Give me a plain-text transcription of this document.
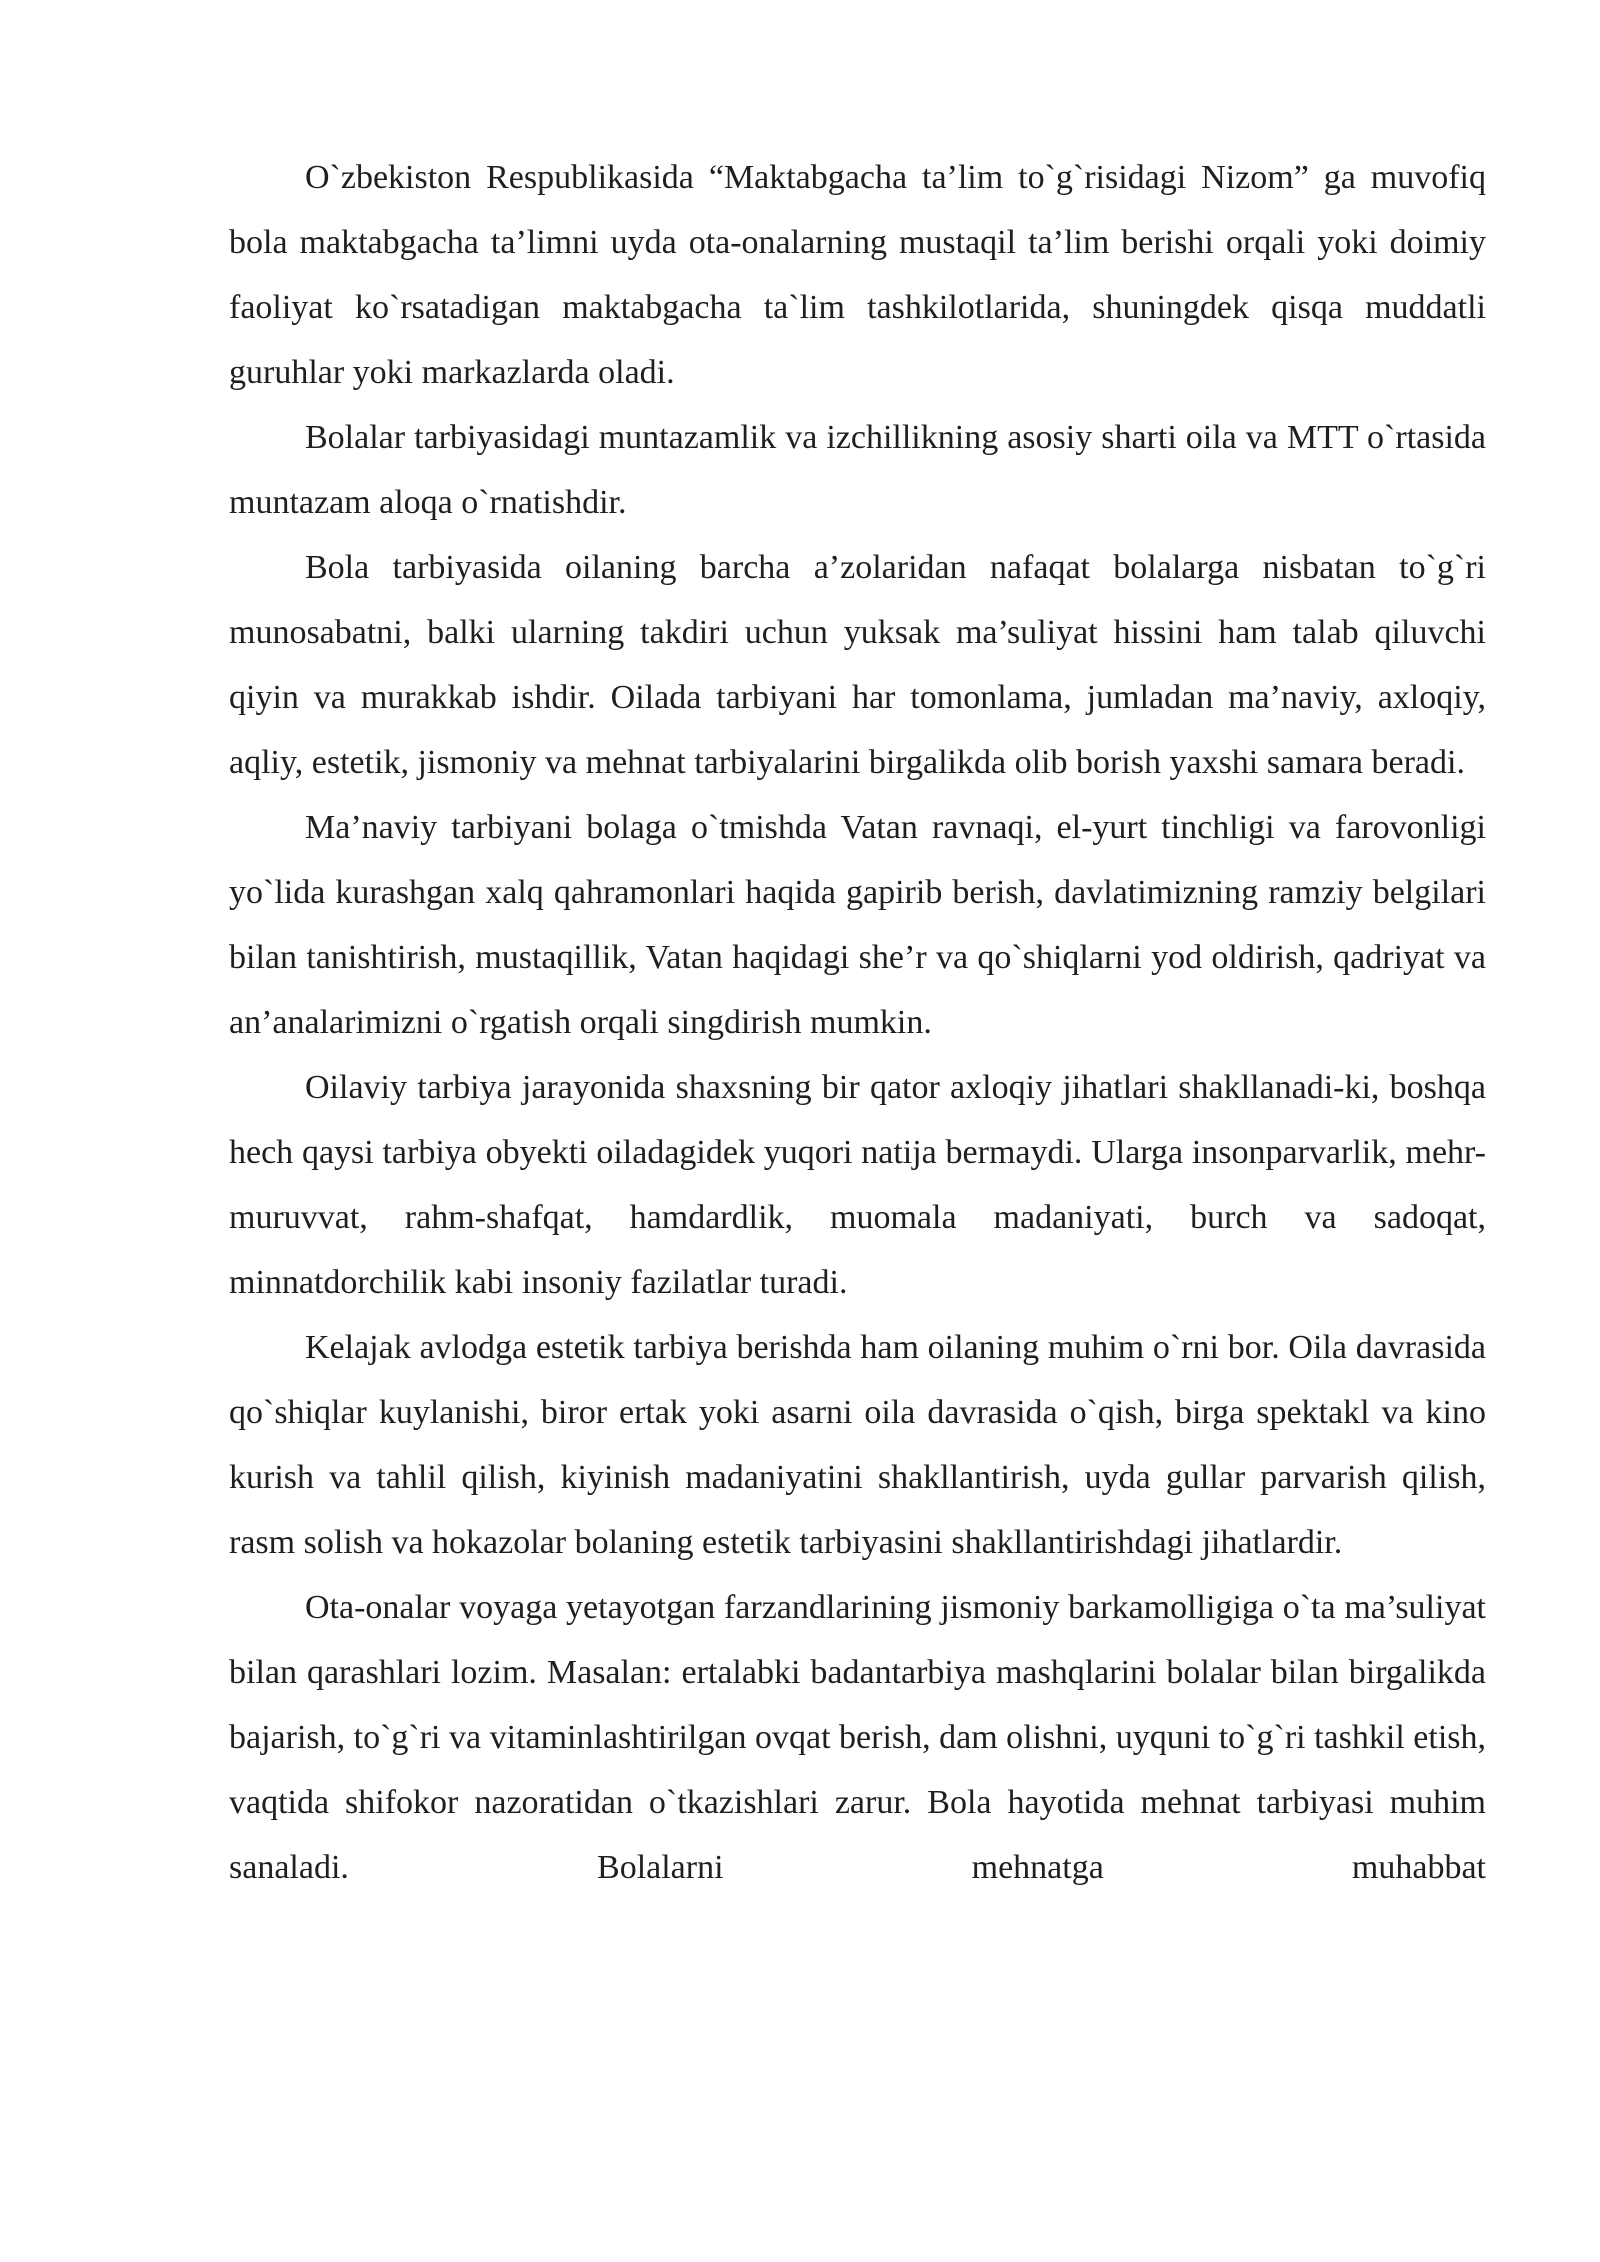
O`zbekiston Respublikasida “Maktabgacha ta’lim to`g`risidagi Nizom” ga muvofiq bola maktabgacha ta’limni uyda ota-onalarning mustaqil ta’lim berishi orqali yoki doimiy faoliyat ko`rsatadigan maktabgacha ta`lim tashkilotlarida, shuningdek qisqa muddatli guruhlar yoki markazlarda oladi.

Bolalar tarbiyasidagi muntazamlik va izchillikning asosiy sharti oila va MTT o`rtasida muntazam aloqa o`rnatishdir.

Bola tarbiyasida oilaning barcha a’zolaridan nafaqat bolalarga nisbatan to`g`ri munosabatni, balki ularning takdiri uchun yuksak ma’suliyat hissini ham talab qiluvchi qiyin va murakkab ishdir. Oilada tarbiyani har tomonlama, jumladan ma’naviy, axloqiy, aqliy, estetik, jismoniy va mehnat tarbiyalarini birgalikda olib borish yaxshi samara beradi.

Ma’naviy tarbiyani bolaga o`tmishda Vatan ravnaqi, el-yurt tinchligi va farovonligi yo`lida kurashgan xalq qahramonlari haqida gapirib berish, davlatimizning ramziy belgilari bilan tanishtirish, mustaqillik, Vatan haqidagi she’r va qo`shiqlarni yod oldirish, qadriyat va an’analarimizni o`rgatish orqali singdirish mumkin.

Oilaviy tarbiya jarayonida shaxsning bir qator axloqiy jihatlari shakllanadi-ki, boshqa hech qaysi tarbiya obyekti oiladagidek yuqori natija bermaydi. Ularga insonparvarlik, mehr-muruvvat, rahm-shafqat, hamdardlik, muomala madaniyati, burch va sadoqat, minnatdorchilik kabi insoniy fazilatlar turadi.

Kelajak avlodga estetik tarbiya berishda ham oilaning muhim o`rni bor. Oila davrasida qo`shiqlar kuylanishi, biror ertak yoki asarni oila davrasida o`qish, birga spektakl va kino kurish va tahlil qilish, kiyinish madaniyatini shakllantirish, uyda gullar parvarish qilish, rasm solish va hokazolar bolaning estetik tarbiyasini shakllantirishdagi jihatlardir.

Ota-onalar voyaga yetayotgan farzandlarining jismoniy barkamolligiga o`ta ma’suliyat bilan qarashlari lozim. Masalan: ertalabki badantarbiya mashqlarini bolalar bilan birgalikda bajarish, to`g`ri va vitaminlashtirilgan ovqat berish, dam olishni, uyquni to`g`ri tashkil etish, vaqtida shifokor nazoratidan o`tkazishlari zarur. Bola hayotida mehnat tarbiyasi muhim sanaladi. Bolalarni mehnatga muhabbat
